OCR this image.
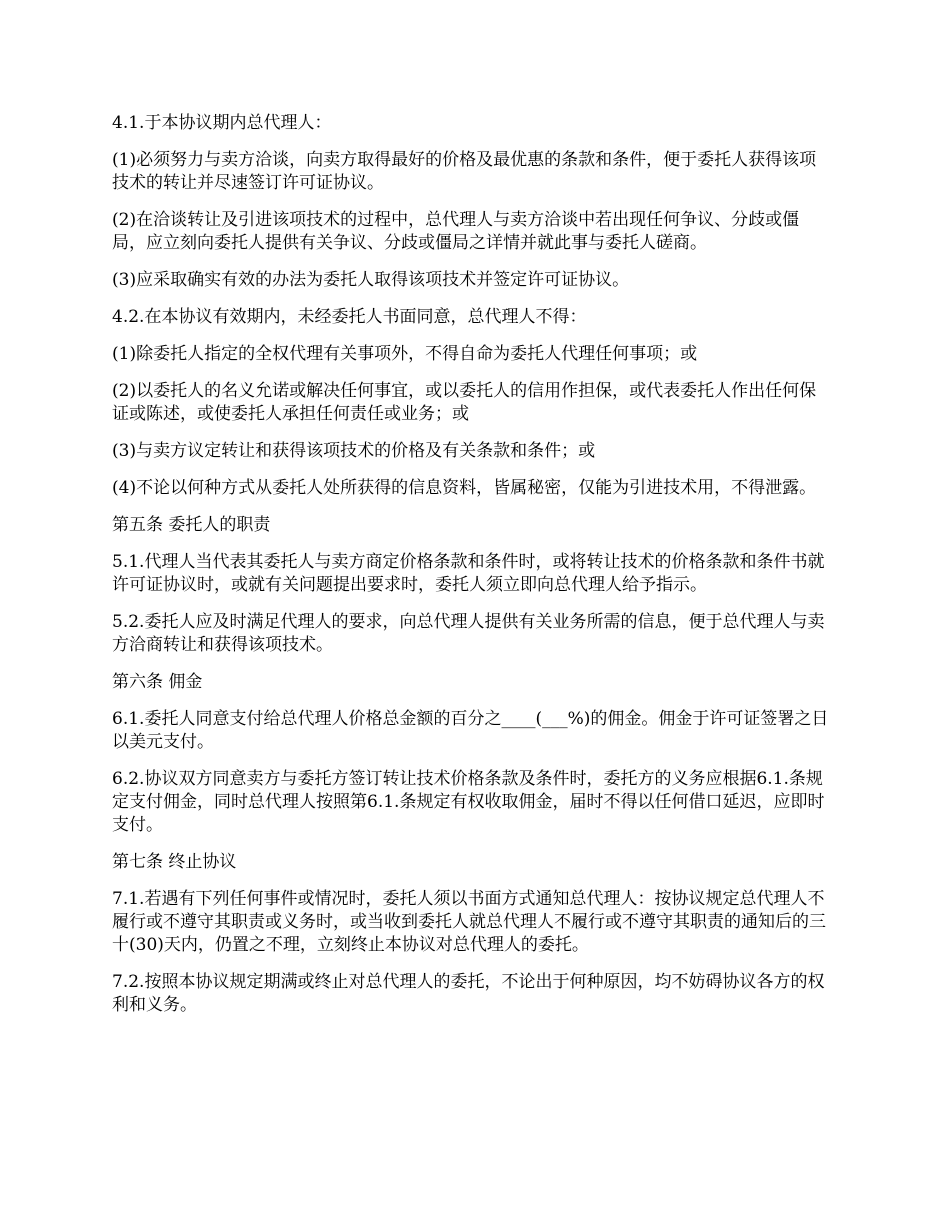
4.1.于本协议期内总代理人：

(1)必须努力与卖方洽谈，向卖方取得最好的价格及最优惠的条款和条件，便于委托人获得该项技术的转让并尽速签订许可证协议。

(2)在洽谈转让及引进该项技术的过程中，总代理人与卖方洽谈中若出现任何争议、分歧或僵局，应立刻向委托人提供有关争议、分歧或僵局之详情并就此事与委托人磋商。

(3)应采取确实有效的办法为委托人取得该项技术并签定许可证协议。

4.2.在本协议有效期内，未经委托人书面同意，总代理人不得：

(1)除委托人指定的全权代理有关事项外，不得自命为委托人代理任何事项；或

(2)以委托人的名义允诺或解决任何事宜，或以委托人的信用作担保，或代表委托人作出任何保证或陈述，或使委托人承担任何责任或业务；或

(3)与卖方议定转让和获得该项技术的价格及有关条款和条件；或

(4)不论以何种方式从委托人处所获得的信息资料，皆属秘密，仅能为引进技术用，不得泄露。

第五条 委托人的职责

5.1.代理人当代表其委托人与卖方商定价格条款和条件时，或将转让技术的价格条款和条件书就许可证协议时，或就有关问题提出要求时，委托人须立即向总代理人给予指示。

5.2.委托人应及时满足代理人的要求，向总代理人提供有关业务所需的信息，便于总代理人与卖方洽商转让和获得该项技术。

第六条 佣金

6.1.委托人同意支付给总代理人价格总金额的百分之____(___%)的佣金。佣金于许可证签署之日以美元支付。

6.2.协议双方同意卖方与委托方签订转让技术价格条款及条件时，委托方的义务应根据6.1.条规定支付佣金，同时总代理人按照第6.1.条规定有权收取佣金，届时不得以任何借口延迟，应即时支付。

第七条 终止协议

7.1.若遇有下列任何事件或情况时，委托人须以书面方式通知总代理人：按协议规定总代理人不履行或不遵守其职责或义务时，或当收到委托人就总代理人不履行或不遵守其职责的通知后的三十(30)天内，仍置之不理，立刻终止本协议对总代理人的委托。

7.2.按照本协议规定期满或终止对总代理人的委托，不论出于何种原因，均不妨碍协议各方的权利和义务。
